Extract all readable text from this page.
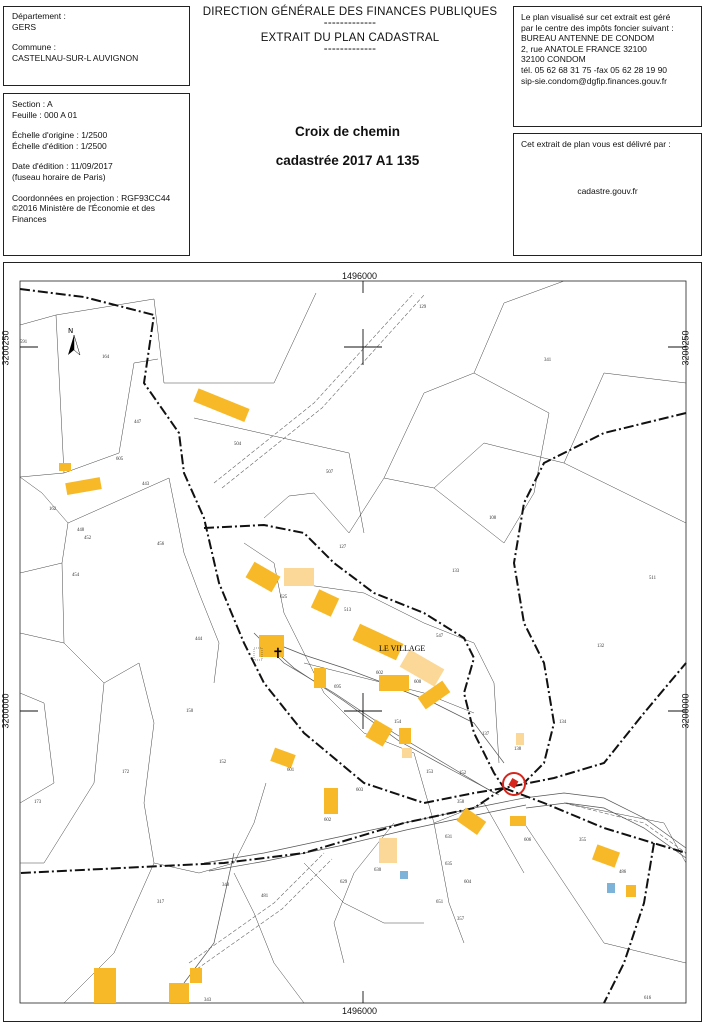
Département :
GERS
Commune :
CASTELNAU-SUR-L AUVIGNON
Section : A
Feuille : 000 A 01
Échelle d'origine : 1/2500
Échelle d'édition : 1/2500
Date d'édition : 11/09/2017
(fuseau horaire de Paris)
Coordonnées en projection : RGF93CC44
©2016 Ministère de l'Économie et des
Finances
DIRECTION GÉNÉRALE DES FINANCES PUBLIQUES
-------------
EXTRAIT DU PLAN CADASTRAL
-------------
Croix de chemin
cadastrée 2017 A1 135
Le plan visualisé sur cet extrait est géré
par le centre des impôts foncier suivant :
BUREAU ANTENNE DE CONDOM
2, rue ANATOLE FRANCE 32100
32100 CONDOM
tél. 05 62 68 31 75 -fax 05 62 28 19 90
sip-sie.condom@dgfip.finances.gouv.fr
Cet extrait de plan vous est délivré par :
cadastre.gouv.fr
✝
N
LE VILLAGE
164
129
341
591
447
504
605
507
162
443
448
456
452
454
127
108
133
511
132
444
625
513
547
602
600
695
150
172
173
152
154
601	153	152
134
137
603
602
358
631
604
629
630
355
486
348
317
481
343	616
138
606
357
635
651
1496000
1496000
3200250	3200250
3200000	3200000
